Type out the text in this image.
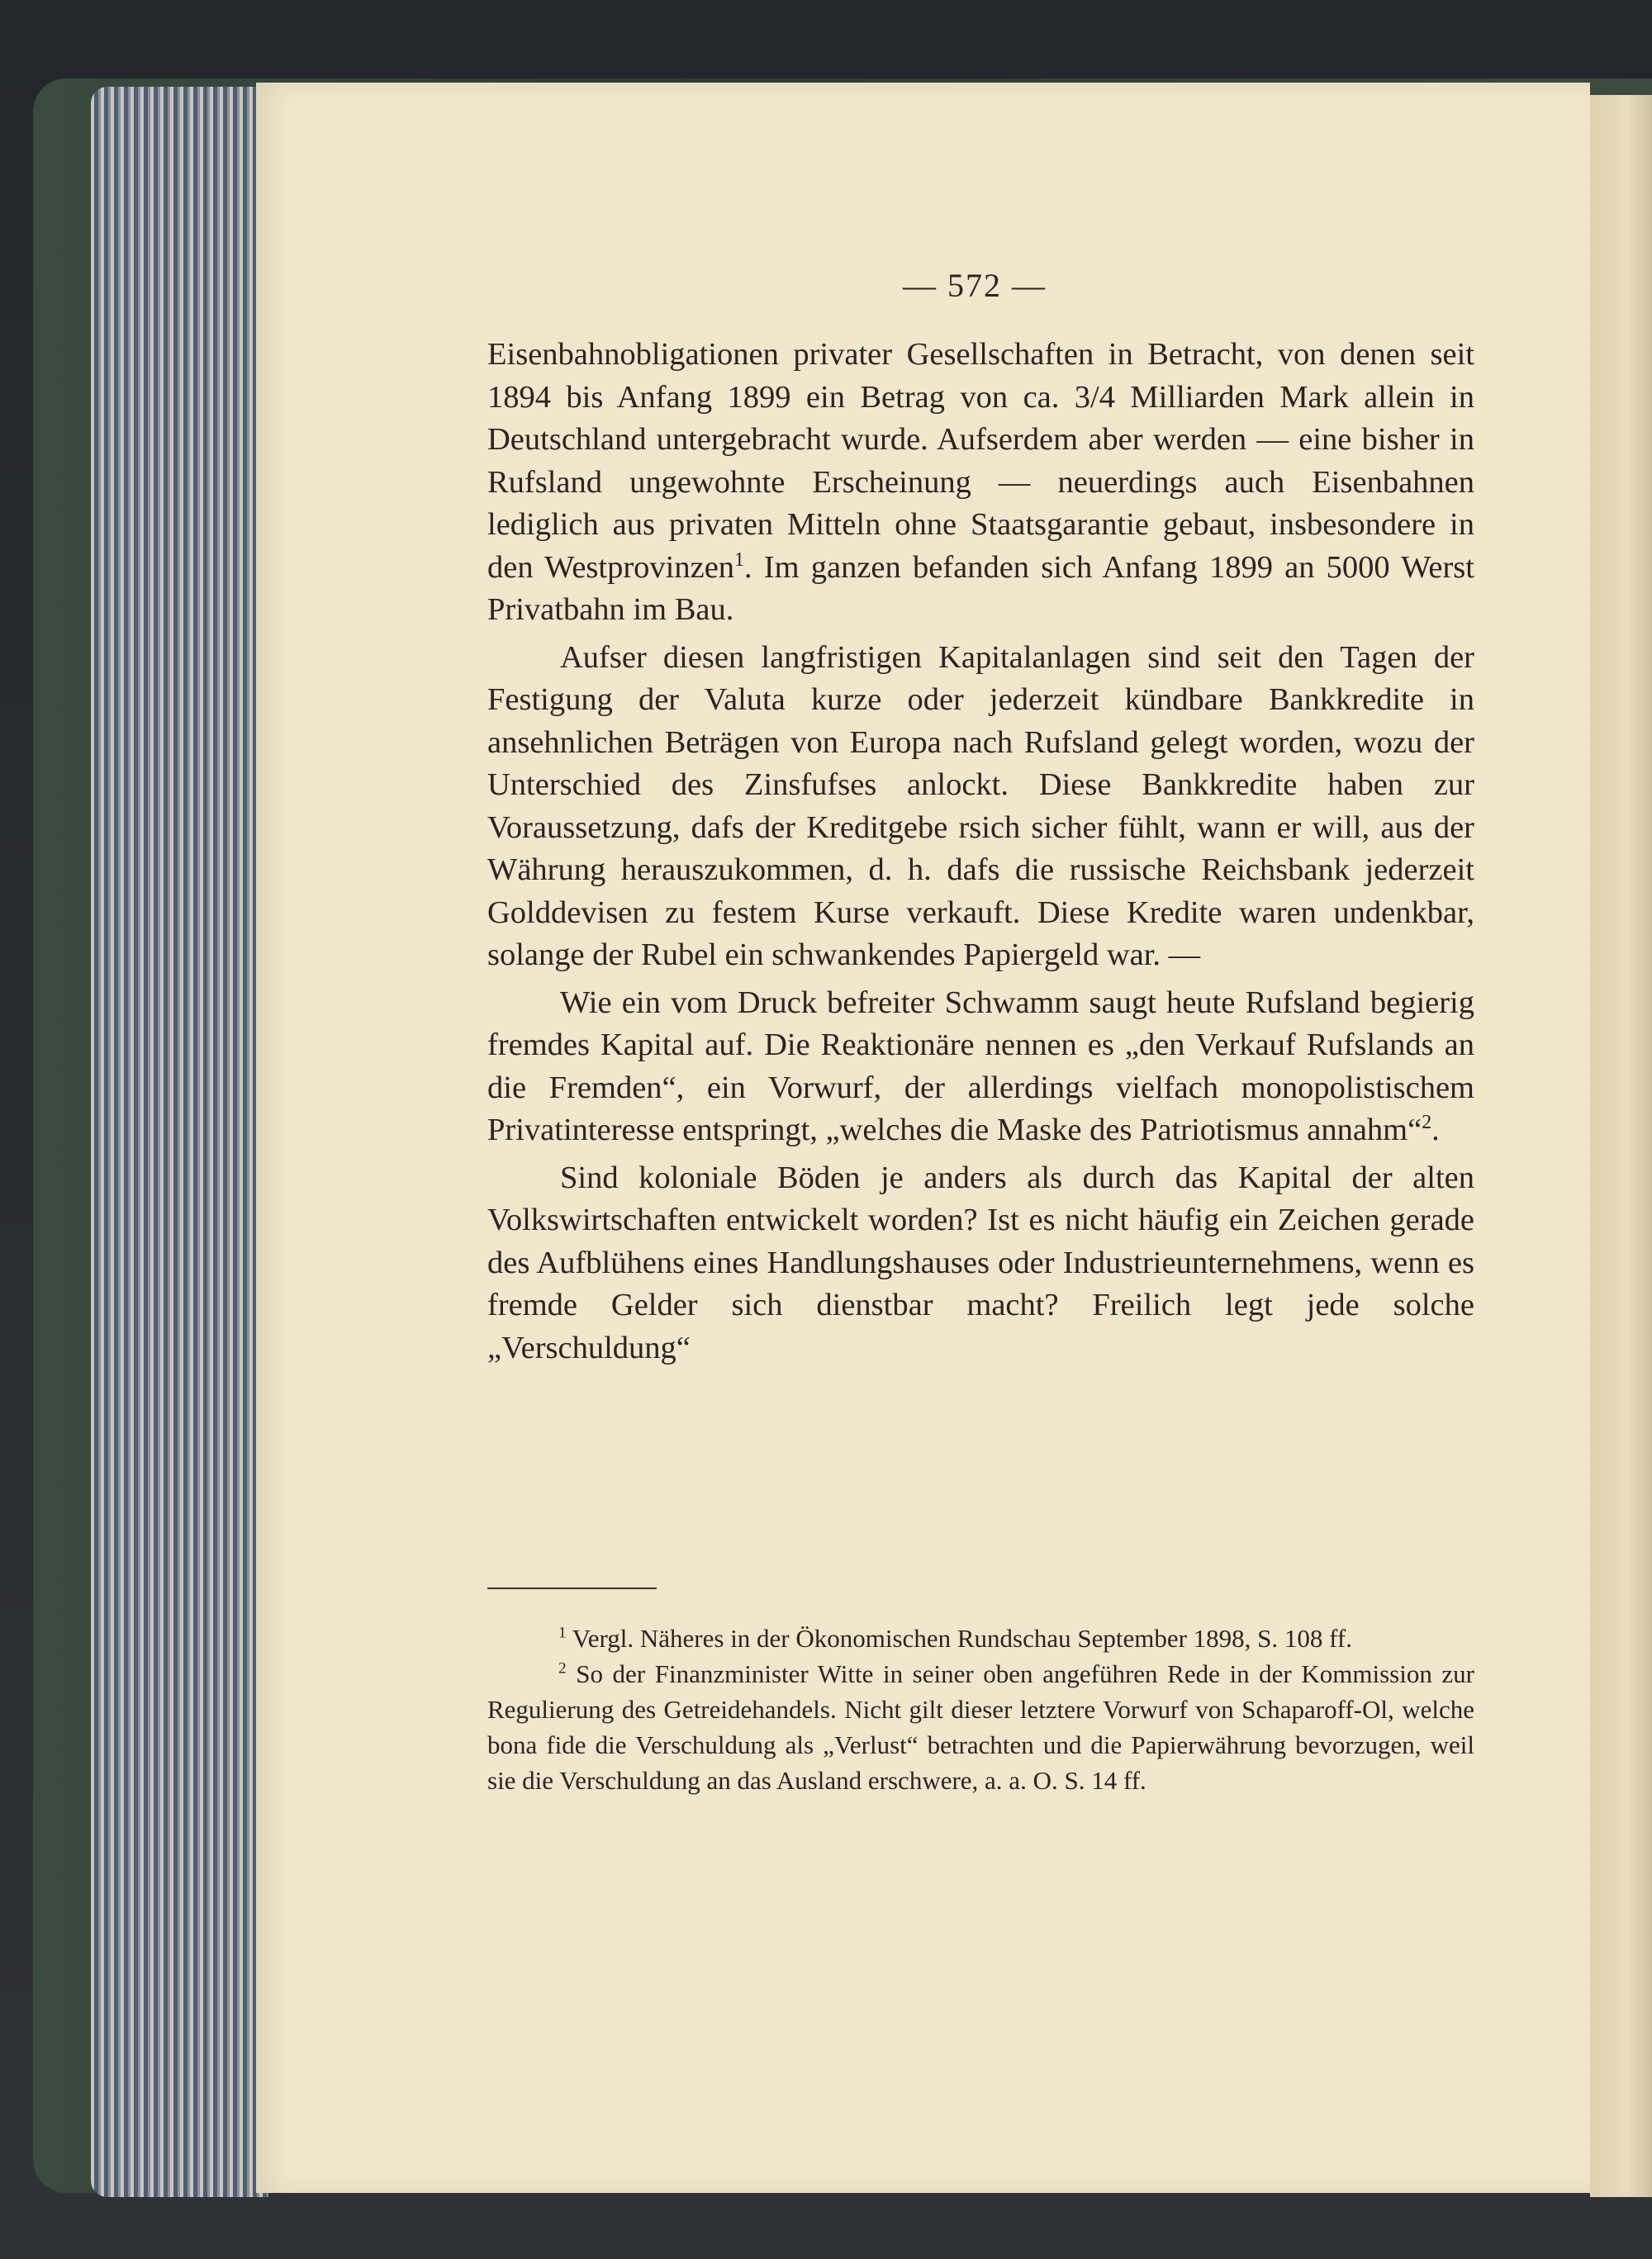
— 572 —

Eisenbahnobligationen privater Gesellschaften in Betracht, von denen seit 1894 bis Anfang 1899 ein Betrag von ca. 3/4 Milliarden Mark allein in Deutschland untergebracht wurde. Aufserdem aber werden — eine bisher in Rufsland ungewohnte Erscheinung — neuerdings auch Eisenbahnen lediglich aus privaten Mitteln ohne Staatsgarantie gebaut, insbesondere in den Westprovinzen$^1$. Im ganzen befanden sich Anfang 1899 an 5000 Werst Privatbahn im Bau.

Aufser diesen langfristigen Kapitalanlagen sind seit den Tagen der Festigung der Valuta kurze oder jederzeit kündbare Bankkredite in ansehnlichen Beträgen von Europa nach Rufsland gelegt worden, wozu der Unterschied des Zinsfufses anlockt. Diese Bankkredite haben zur Voraussetzung, dafs der Kreditgebe rsich sicher fühlt, wann er will, aus der Währung herauszukommen, d. h. dafs die russische Reichsbank jederzeit Golddevisen zu festem Kurse verkauft. Diese Kredite waren undenkbar, solange der Rubel ein schwankendes Papiergeld war. —

Wie ein vom Druck befreiter Schwamm saugt heute Rufsland begierig fremdes Kapital auf. Die Reaktionäre nennen es „den Verkauf Rufslands an die Fremden“, ein Vorwurf, der allerdings vielfach monopolistischem Privatinteresse entspringt, „welches die Maske des Patriotismus annahm“$^2$.

Sind koloniale Böden je anders als durch das Kapital der alten Volkswirtschaften entwickelt worden? Ist es nicht häufig ein Zeichen gerade des Aufblühens eines Handlungshauses oder Industrieunternehmens, wenn es fremde Gelder sich dienstbar macht? Freilich legt jede solche „Verschuldung“

$^1$ Vergl. Näheres in der Ökonomischen Rundschau September 1898, S. 108 ff.

$^2$ So der Finanzminister Witte in seiner oben angeführen Rede in der Kommission zur Regulierung des Getreidehandels. Nicht gilt dieser letztere Vorwurf von Schaparoff-Ol, welche bona fide die Verschuldung als „Verlust“ betrachten und die Papierwährung bevorzugen, weil sie die Verschuldung an das Ausland erschwere, a. a. O. S. 14 ff.
